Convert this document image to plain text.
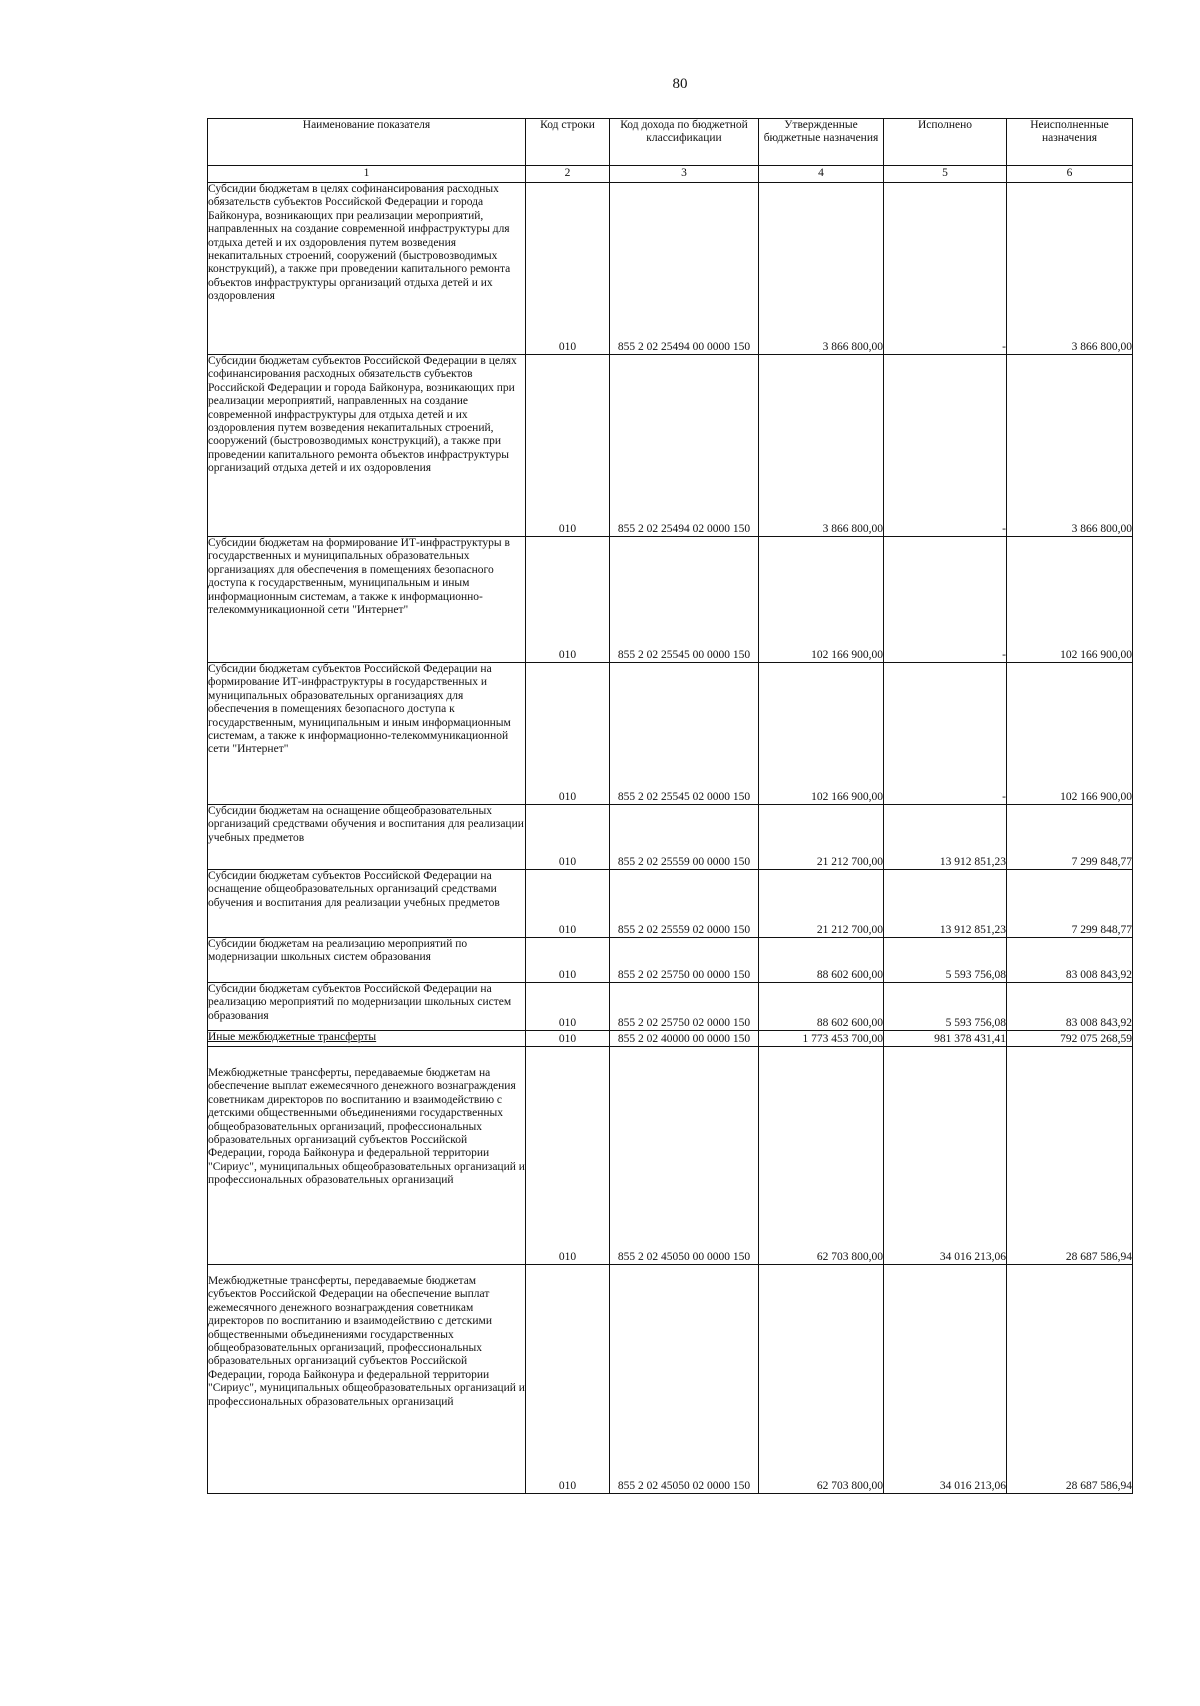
80
Наименование показателя	Код строки	Код дохода по бюджетной классификации	Утвержденные бюджетные назначения	Исполнено	Неисполненные назначения
1	2	3	4	5	6
Субсидии бюджетам в целях софинансирования расходных обязательств субъектов Российской Федерации и города Байконура, возникающих при реализации мероприятий, направленных на создание современной инфраструктуры для отдыха детей и их оздоровления путем возведения некапитальных строений, сооружений (быстровозводимых конструкций), а также при проведении капитального ремонта объектов инфраструктуры организаций отдыха детей и их оздоровления	010	855 2 02 25494 00 0000 150	3 866 800,00	-	3 866 800,00
Субсидии бюджетам субъектов Российской Федерации в целях софинансирования расходных обязательств субъектов Российской Федерации и города Байконура, возникающих при реализации мероприятий, направленных на создание современной инфраструктуры для отдыха детей и их оздоровления путем возведения некапитальных строений, сооружений (быстровозводимых конструкций), а также при проведении капитального ремонта объектов инфраструктуры организаций отдыха детей и их оздоровления	010	855 2 02 25494 02 0000 150	3 866 800,00	-	3 866 800,00
Субсидии бюджетам на формирование ИТ-инфраструктуры в государственных и муниципальных образовательных организациях для обеспечения в помещениях безопасного доступа к государственным, муниципальным и иным информационным системам, а также к информационно-телекоммуникационной сети "Интернет"	010	855 2 02 25545 00 0000 150	102 166 900,00	-	102 166 900,00
Субсидии бюджетам субъектов Российской Федерации на формирование ИТ-инфраструктуры в государственных и муниципальных образовательных организациях для обеспечения в помещениях безопасного доступа к государственным, муниципальным и иным информационным системам, а также к информационно-телекоммуникационной сети "Интернет"	010	855 2 02 25545 02 0000 150	102 166 900,00	-	102 166 900,00
Субсидии бюджетам на оснащение общеобразовательных организаций средствами обучения и воспитания для реализации учебных предметов	010	855 2 02 25559 00 0000 150	21 212 700,00	13 912 851,23	7 299 848,77
Субсидии бюджетам субъектов Российской Федерации на оснащение общеобразовательных организаций средствами обучения и воспитания для реализации учебных предметов	010	855 2 02 25559 02 0000 150	21 212 700,00	13 912 851,23	7 299 848,77
Субсидии бюджетам на реализацию мероприятий по модернизации школьных систем образования	010	855 2 02 25750 00 0000 150	88 602 600,00	5 593 756,08	83 008 843,92
Субсидии бюджетам субъектов Российской Федерации на реализацию мероприятий по модернизации школьных систем образования	010	855 2 02 25750 02 0000 150	88 602 600,00	5 593 756,08	83 008 843,92
Иные межбюджетные трансферты	010	855 2 02 40000 00 0000 150	1 773 453 700,00	981 378 431,41	792 075 268,59
Межбюджетные трансферты, передаваемые бюджетам на обеспечение выплат ежемесячного денежного вознаграждения советникам директоров по воспитанию и взаимодействию с детскими общественными объединениями государственных общеобразовательных организаций, профессиональных образовательных организаций субъектов Российской Федерации, города Байконура и федеральной территории "Сириус", муниципальных общеобразовательных организаций и профессиональных образовательных организаций	010	855 2 02 45050 00 0000 150	62 703 800,00	34 016 213,06	28 687 586,94
Межбюджетные трансферты, передаваемые бюджетам субъектов Российской Федерации на обеспечение выплат ежемесячного денежного вознаграждения советникам директоров по воспитанию и взаимодействию с детскими общественными объединениями государственных общеобразовательных организаций, профессиональных образовательных организаций субъектов Российской Федерации, города Байконура и федеральной территории "Сириус", муниципальных общеобразовательных организаций и профессиональных образовательных организаций	010	855 2 02 45050 02 0000 150	62 703 800,00	34 016 213,06	28 687 586,94
